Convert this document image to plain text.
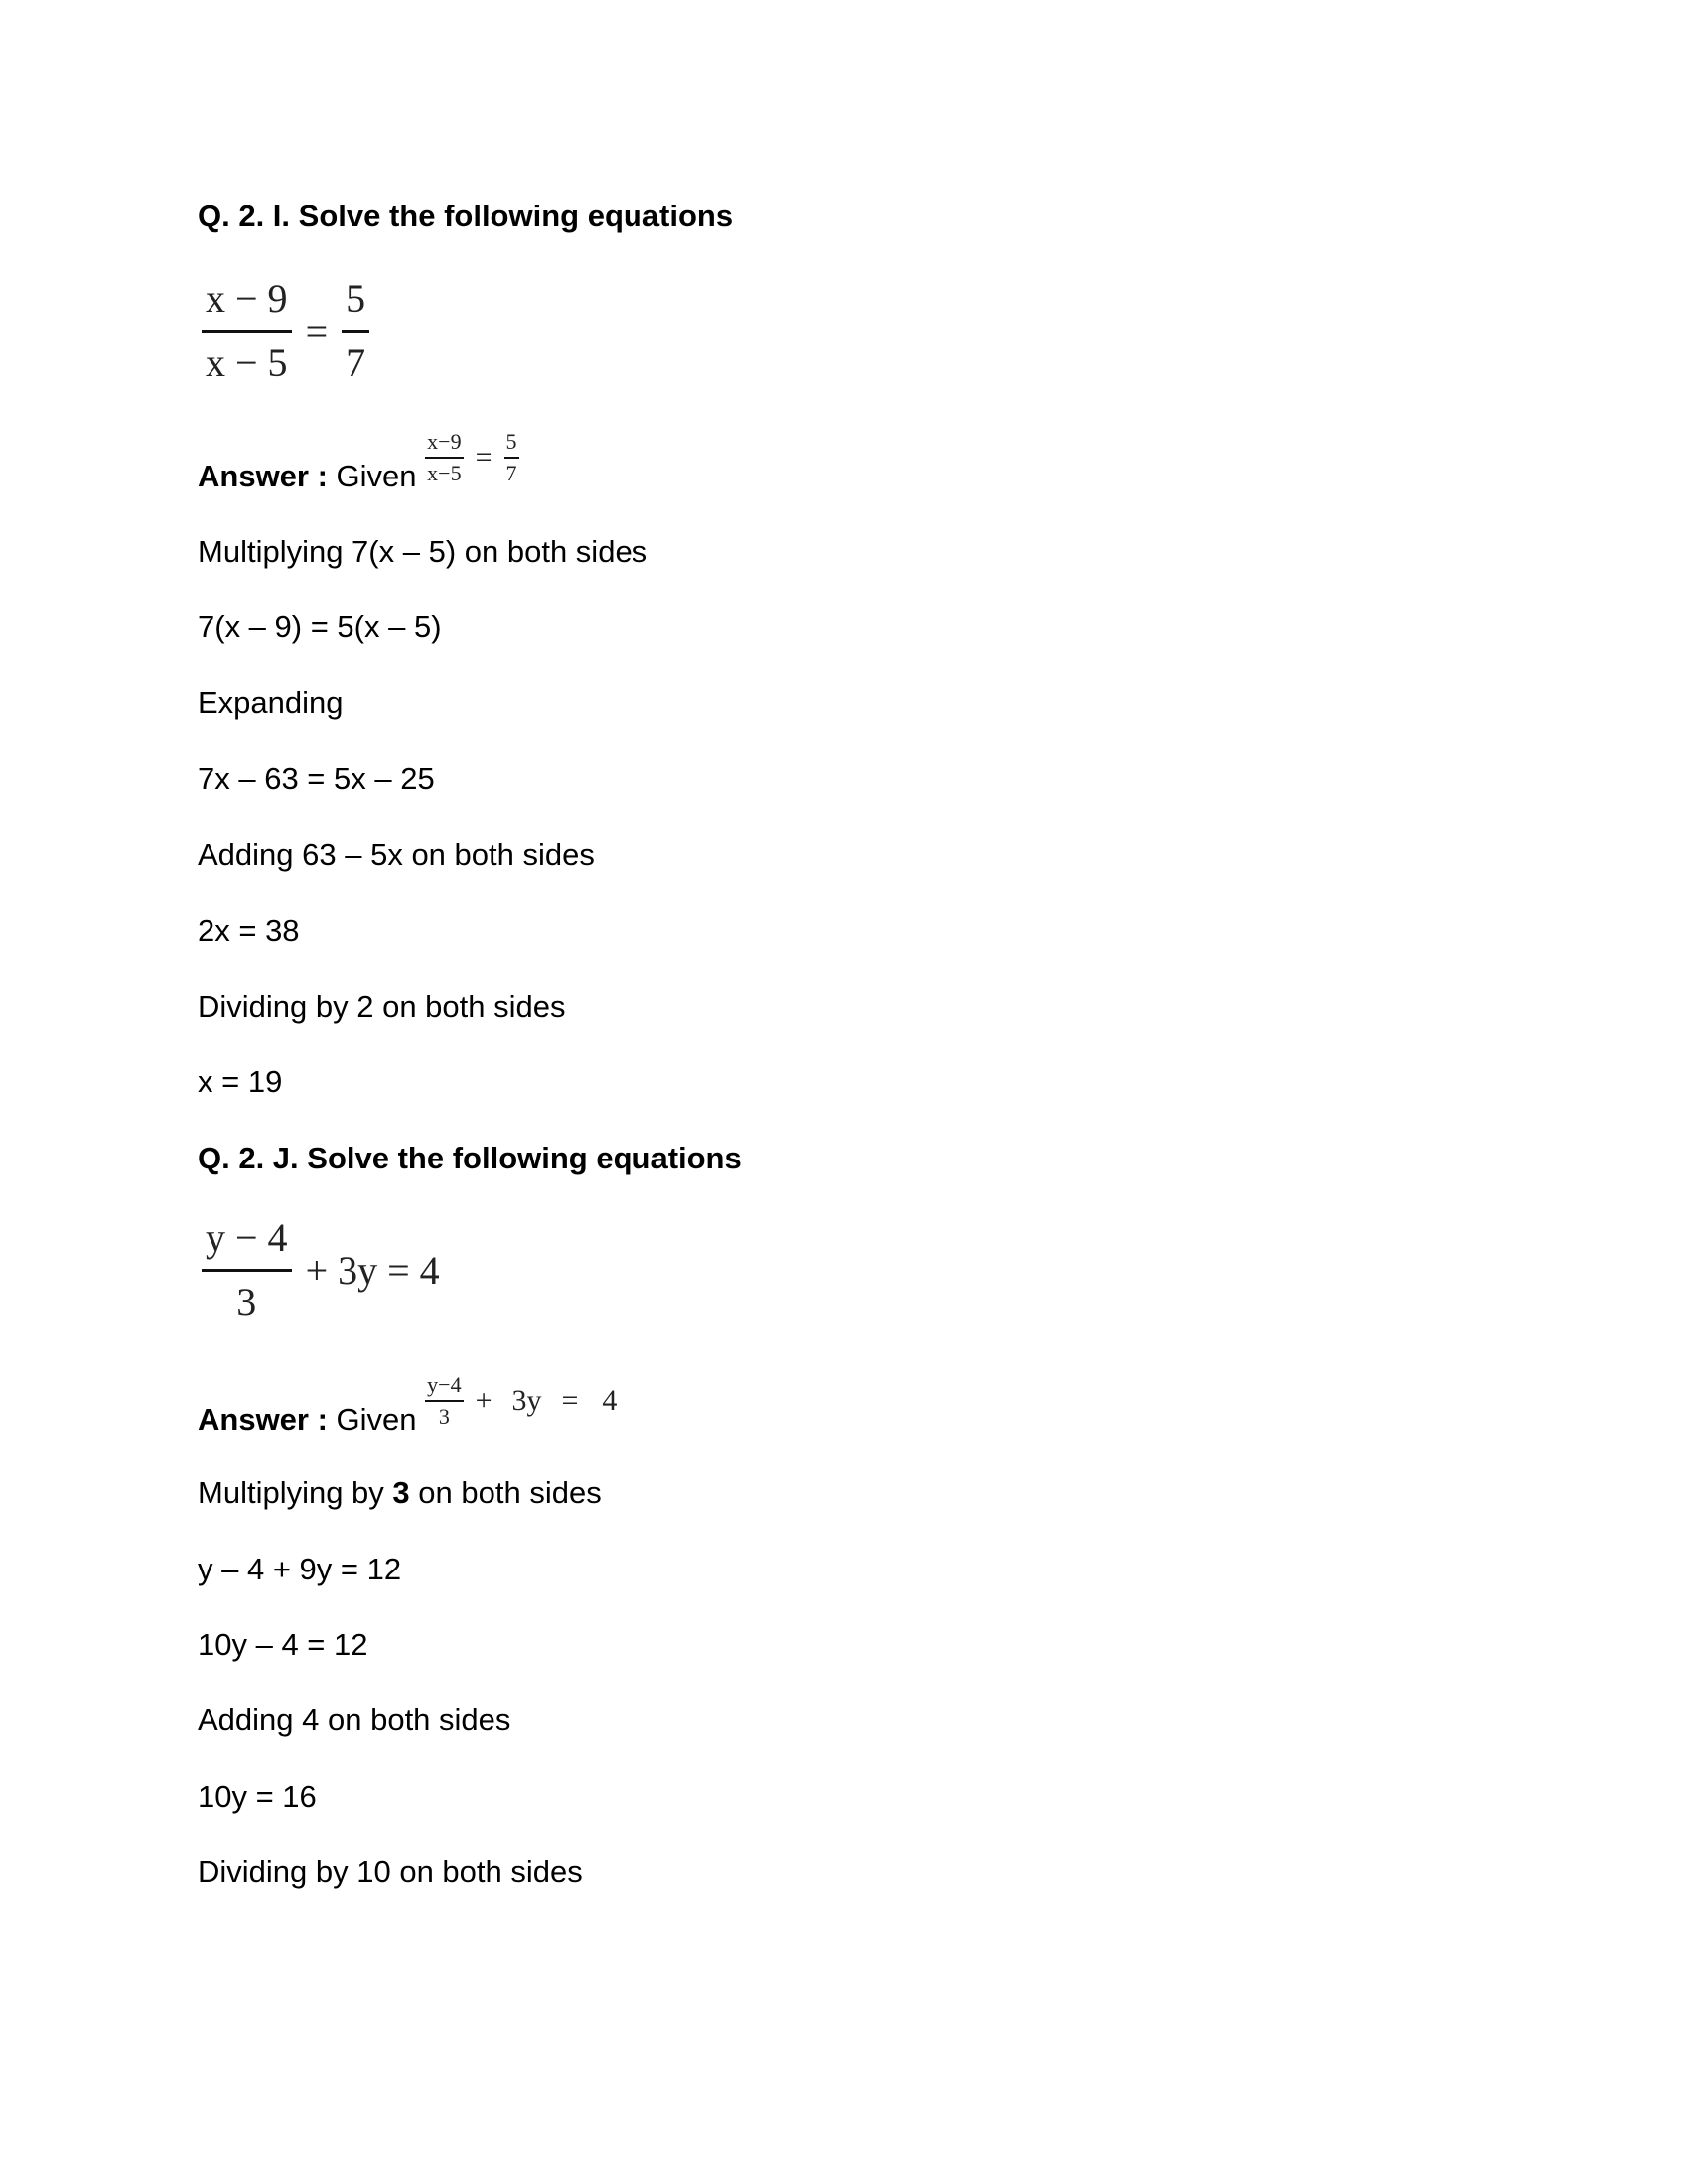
Q. 2. I. Solve the following equations
$\frac{x - 9}{x - 5} = \frac{5}{7}$
Answer : Given $\frac{x-9}{x-5} = \frac{5}{7}$
Multiplying 7(x – 5) on both sides
7(x – 9) = 5(x – 5)
Expanding
7x – 63 = 5x – 25
Adding 63 – 5x on both sides
2x = 38
Dividing by 2 on both sides
x = 19
Q. 2. J. Solve the following equations
$\frac{y - 4}{3} + 3y = 4$
Answer : Given $\frac{y-4}{3} + 3y = 4$
Multiplying by 3 on both sides
y – 4 + 9y = 12
10y – 4 = 12
Adding 4 on both sides
10y = 16
Dividing by 10 on both sides
